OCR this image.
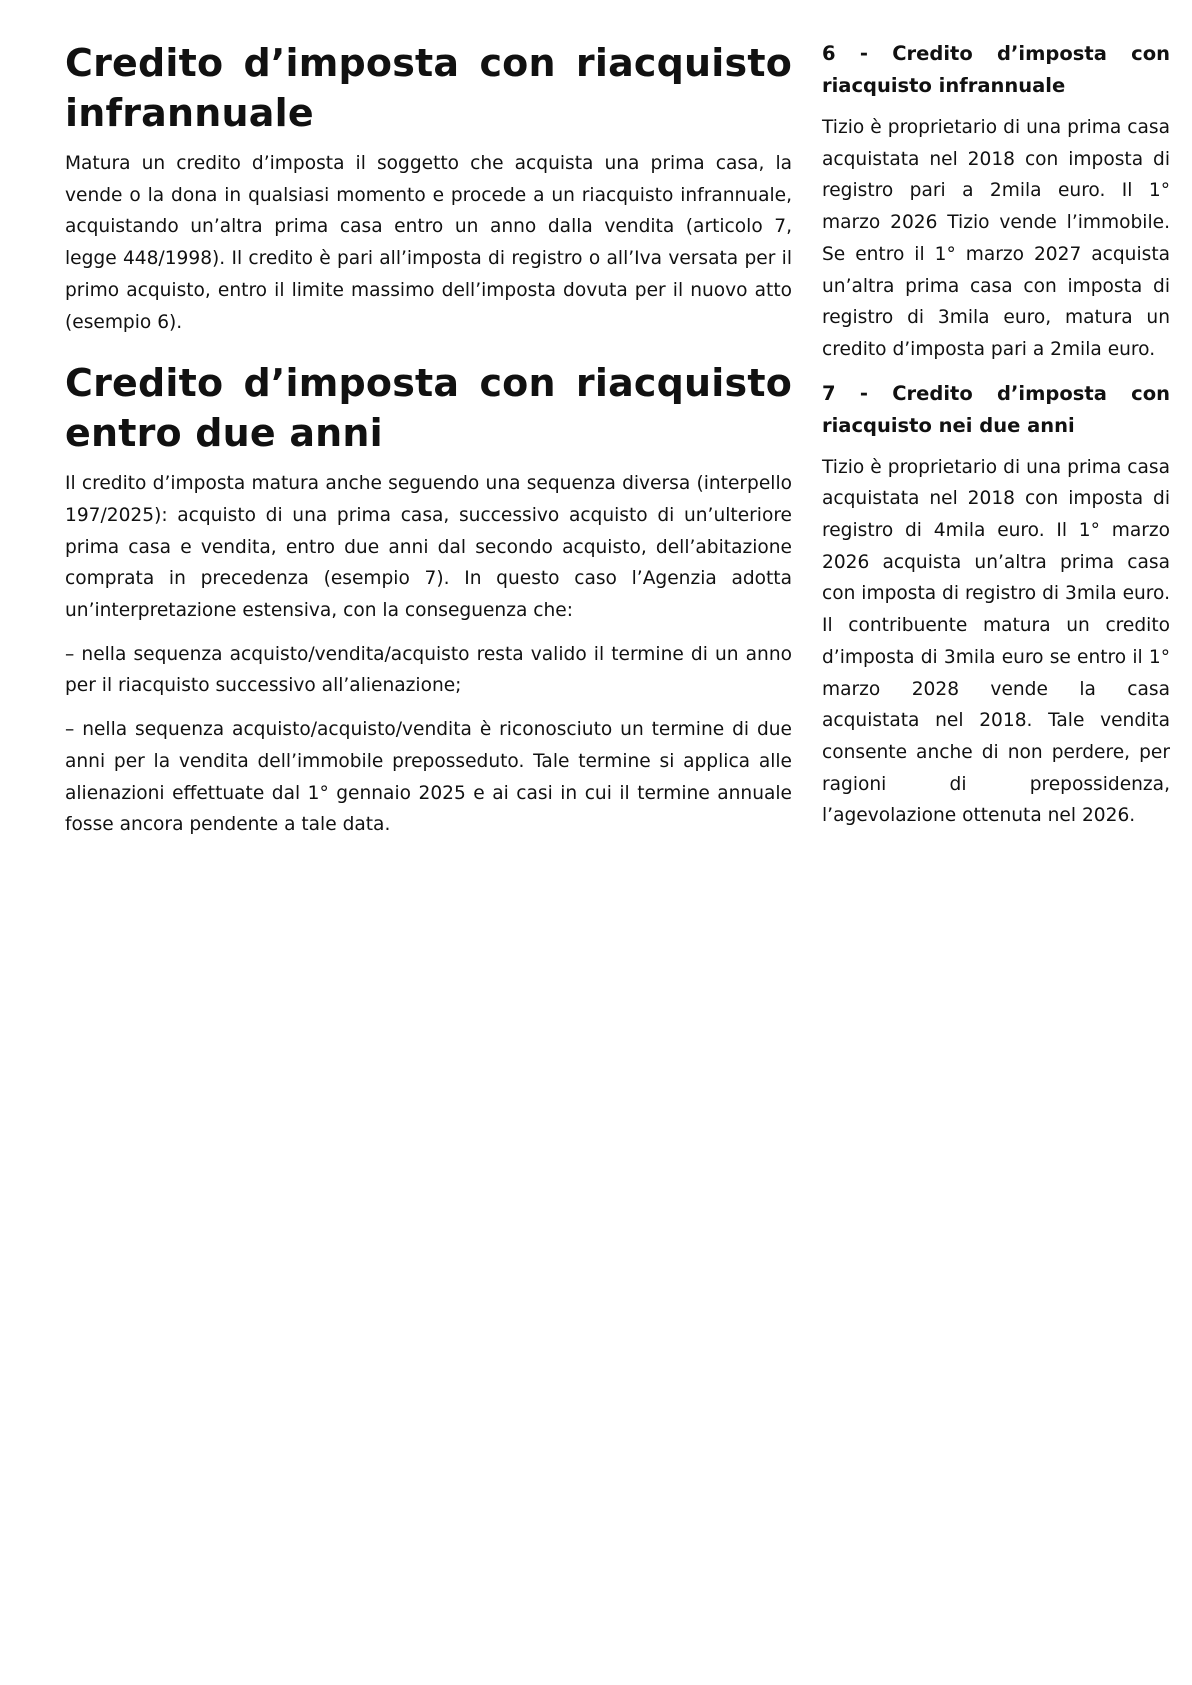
Credito d’imposta con riacquisto infrannuale

Matura un credito d’imposta il soggetto che acquista una prima casa, la vende o la dona in qualsiasi momento e procede a un riacquisto infrannuale, acquistando un’altra prima casa entro un anno dalla vendita (articolo 7, legge 448/1998). Il credito è pari all’imposta di registro o all’Iva versata per il primo acquisto, entro il limite massimo dell’imposta dovuta per il nuovo atto (esempio 6).

Credito d’imposta con riacquisto entro due anni

Il credito d’imposta matura anche seguendo una sequenza diversa (interpello 197/2025): acquisto di una prima casa, successivo acquisto di un’ulteriore prima casa e vendita, entro due anni dal secondo acquisto, dell’abitazione comprata in precedenza (esempio 7). In questo caso l’Agenzia adotta un’interpretazione estensiva, con la conseguenza che:

– nella sequenza acquisto/vendita/acquisto resta valido il termine di un anno per il riacquisto successivo all’alienazione;

– nella sequenza acquisto/acquisto/vendita è riconosciuto un termine di due anni per la vendita dell’immobile preposseduto. Tale termine si applica alle alienazioni effettuate dal 1° gennaio 2025 e ai casi in cui il termine annuale fosse ancora pendente a tale data.

6 - Credito d’imposta con riacquisto infrannuale

Tizio è proprietario di una prima casa acquistata nel 2018 con imposta di registro pari a 2mila euro. Il 1° marzo 2026 Tizio vende l’immobile. Se entro il 1° marzo 2027 acquista un’altra prima casa con imposta di registro di 3mila euro, matura un credito d’imposta pari a 2mila euro.

7 - Credito d’imposta con riacquisto nei due anni

Tizio è proprietario di una prima casa acquistata nel 2018 con imposta di registro di 4mila euro. Il 1° marzo 2026 acquista un’altra prima casa con imposta di registro di 3mila euro. Il contribuente matura un credito d’imposta di 3mila euro se entro il 1° marzo 2028 vende la casa acquistata nel 2018. Tale vendita consente anche di non perdere, per ragioni di prepossidenza, l’agevolazione ottenuta nel 2026.
